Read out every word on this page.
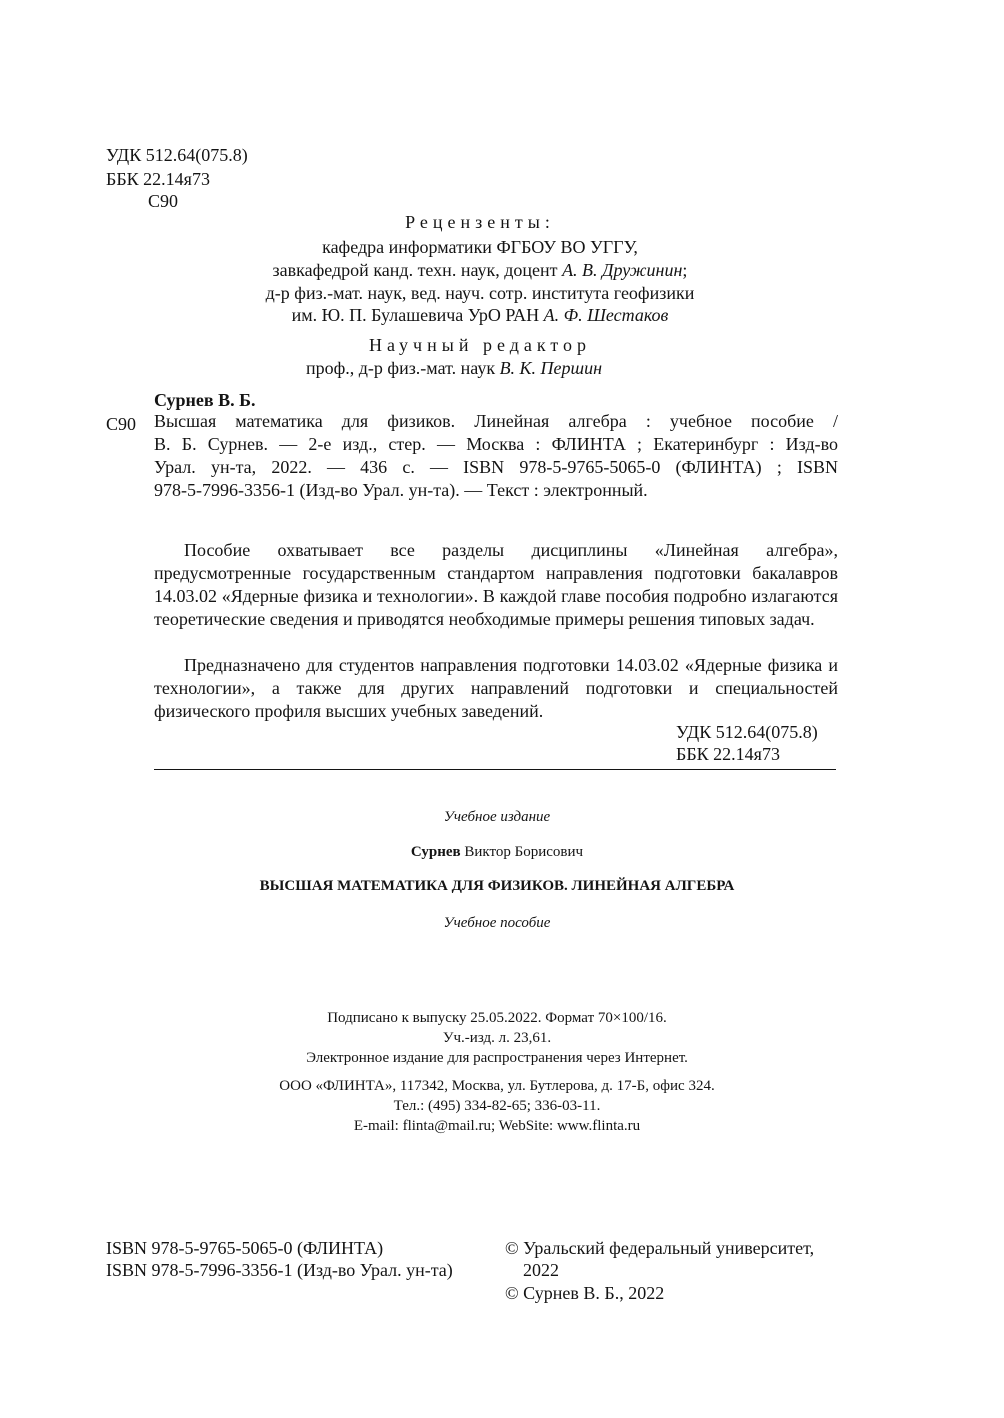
УДК 512.64(075.8)
ББК 22.14я73
С90
Рецензенты:
кафедра информатики ФГБОУ ВО УГГУ,
завкафедрой канд. техн. наук, доцент А. В. Дружинин;
д-р физ.-мат. наук, вед. науч. сотр. института геофизики
им. Ю. П. Булашевича УрО РАН А. Ф. Шестаков
Научный редактор
проф., д-р физ.-мат. наук В. К. Першин
Сурнев В. Б.
С90 Высшая математика для физиков. Линейная алгебра : учебное пособие /
В. Б. Сурнев. — 2-е изд., стер. — Москва : ФЛИНТА ; Екатеринбург : Изд-во
Урал. ун-та, 2022. — 436 с. — ISBN 978-5-9765-5065-0 (ФЛИНТА) ; ISBN
978-5-7996-3356-1 (Изд-во Урал. ун-та). — Текст : электронный.
Пособие охватывает все разделы дисциплины «Линейная алгебра», предусмотренные государственным стандартом направления подготовки бакалавров 14.03.02 «Ядерные физика и технологии». В каждой главе пособия подробно излагаются теоретические сведения и приводятся необходимые примеры решения типовых задач.
Предназначено для студентов направления подготовки 14.03.02 «Ядерные физика и технологии», а также для других направлений подготовки и специальностей физического профиля высших учебных заведений.
УДК 512.64(075.8)
ББК 22.14я73
Учебное издание
Сурнев Виктор Борисович
ВЫСШАЯ МАТЕМАТИКА ДЛЯ ФИЗИКОВ. ЛИНЕЙНАЯ АЛГЕБРА
Учебное пособие
Подписано к выпуску 25.05.2022. Формат 70×100/16.
Уч.-изд. л. 23,61.
Электронное издание для распространения через Интернет.
ООО «ФЛИНТА», 117342, Москва, ул. Бутлерова, д. 17-Б, офис 324.
Тел.: (495) 334-82-65; 336-03-11.
E-mail: flinta@mail.ru; WebSite: www.flinta.ru
ISBN 978-5-9765-5065-0 (ФЛИНТА)
ISBN 978-5-7996-3356-1 (Изд-во Урал. ун-та)
© Уральский федеральный университет,
2022
© Сурнев В. Б., 2022
